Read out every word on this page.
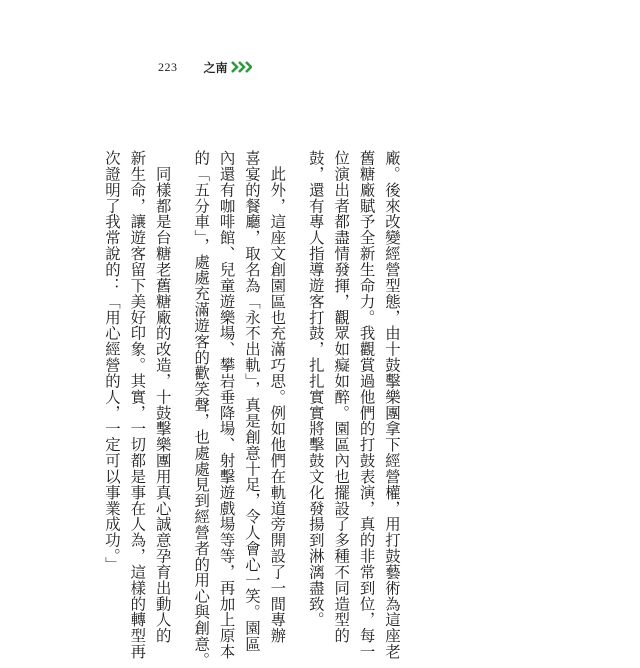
223 之南
廠。後來改變經營型態，由十鼓擊樂團拿下經營權，用打鼓藝術為這座老
舊糖廠賦予全新生命力。我觀賞過他們的打鼓表演，真的非常到位，每一
位演出者都盡情發揮，觀眾如癡如醉。園區內也擺設了多種不同造型的
鼓，還有專人指導遊客打鼓，扎扎實實將擊鼓文化發揚到淋漓盡致。
　此外，這座文創園區也充滿巧思。例如他們在軌道旁開設了一間專辦
喜宴的餐廳，取名為「永不出軌」，真是創意十足，令人會心一笑。園區
內還有咖啡館、兒童遊樂場、攀岩垂降場、射擊遊戲場等等，再加上原本
的「五分車」，處處充滿遊客的歡笑聲，也處處見到經營者的用心與創意。
　同樣都是台糖老舊糖廠的改造，十鼓擊樂團用真心誠意孕育出動人的
新生命，讓遊客留下美好印象。其實，一切都是事在人為，這樣的轉型再
次證明了我常說的：「用心經營的人，一定可以事業成功。」
